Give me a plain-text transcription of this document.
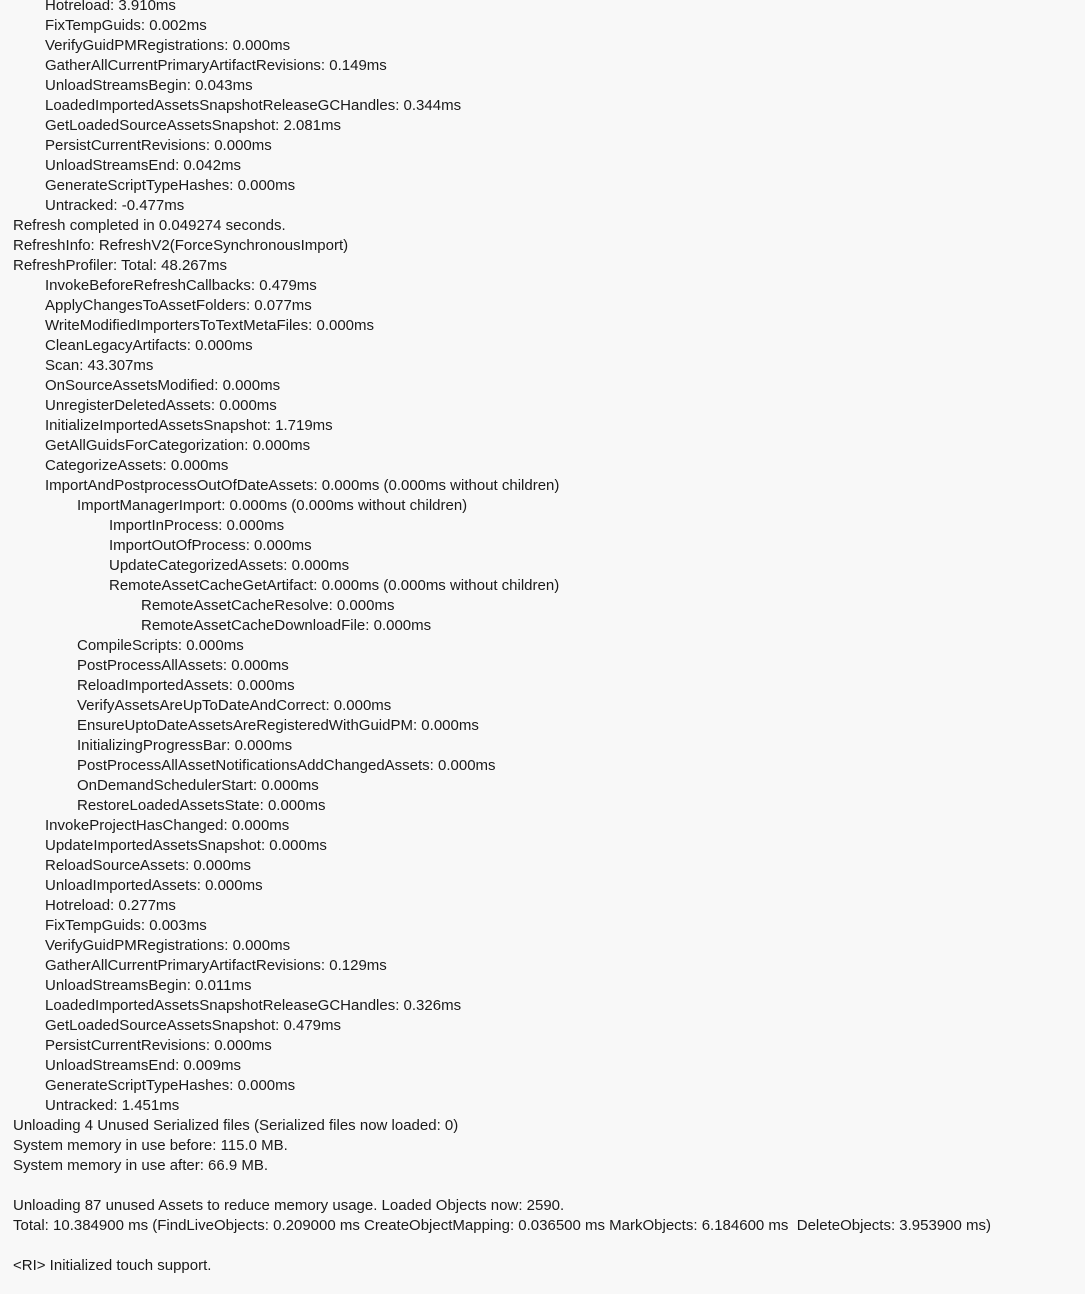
Hotreload: 3.910ms
FixTempGuids: 0.002ms
VerifyGuidPMRegistrations: 0.000ms
GatherAllCurrentPrimaryArtifactRevisions: 0.149ms
UnloadStreamsBegin: 0.043ms
LoadedImportedAssetsSnapshotReleaseGCHandles: 0.344ms
GetLoadedSourceAssetsSnapshot: 2.081ms
PersistCurrentRevisions: 0.000ms
UnloadStreamsEnd: 0.042ms
GenerateScriptTypeHashes: 0.000ms
Untracked: -0.477ms
Refresh completed in 0.049274 seconds.
RefreshInfo: RefreshV2(ForceSynchronousImport)
RefreshProfiler: Total: 48.267ms
InvokeBeforeRefreshCallbacks: 0.479ms
ApplyChangesToAssetFolders: 0.077ms
WriteModifiedImportersToTextMetaFiles: 0.000ms
CleanLegacyArtifacts: 0.000ms
Scan: 43.307ms
OnSourceAssetsModified: 0.000ms
UnregisterDeletedAssets: 0.000ms
InitializeImportedAssetsSnapshot: 1.719ms
GetAllGuidsForCategorization: 0.000ms
CategorizeAssets: 0.000ms
ImportAndPostprocessOutOfDateAssets: 0.000ms (0.000ms without children)
ImportManagerImport: 0.000ms (0.000ms without children)
ImportInProcess: 0.000ms
ImportOutOfProcess: 0.000ms
UpdateCategorizedAssets: 0.000ms
RemoteAssetCacheGetArtifact: 0.000ms (0.000ms without children)
RemoteAssetCacheResolve: 0.000ms
RemoteAssetCacheDownloadFile: 0.000ms
CompileScripts: 0.000ms
PostProcessAllAssets: 0.000ms
ReloadImportedAssets: 0.000ms
VerifyAssetsAreUpToDateAndCorrect: 0.000ms
EnsureUptoDateAssetsAreRegisteredWithGuidPM: 0.000ms
InitializingProgressBar: 0.000ms
PostProcessAllAssetNotificationsAddChangedAssets: 0.000ms
OnDemandSchedulerStart: 0.000ms
RestoreLoadedAssetsState: 0.000ms
InvokeProjectHasChanged: 0.000ms
UpdateImportedAssetsSnapshot: 0.000ms
ReloadSourceAssets: 0.000ms
UnloadImportedAssets: 0.000ms
Hotreload: 0.277ms
FixTempGuids: 0.003ms
VerifyGuidPMRegistrations: 0.000ms
GatherAllCurrentPrimaryArtifactRevisions: 0.129ms
UnloadStreamsBegin: 0.011ms
LoadedImportedAssetsSnapshotReleaseGCHandles: 0.326ms
GetLoadedSourceAssetsSnapshot: 0.479ms
PersistCurrentRevisions: 0.000ms
UnloadStreamsEnd: 0.009ms
GenerateScriptTypeHashes: 0.000ms
Untracked: 1.451ms
Unloading 4 Unused Serialized files (Serialized files now loaded: 0)
System memory in use before: 115.0 MB.
System memory in use after: 66.9 MB.
Unloading 87 unused Assets to reduce memory usage. Loaded Objects now: 2590.
Total: 10.384900 ms (FindLiveObjects: 0.209000 ms CreateObjectMapping: 0.036500 ms MarkObjects: 6.184600 ms  DeleteObjects: 3.953900 ms)
<RI> Initialized touch support.
